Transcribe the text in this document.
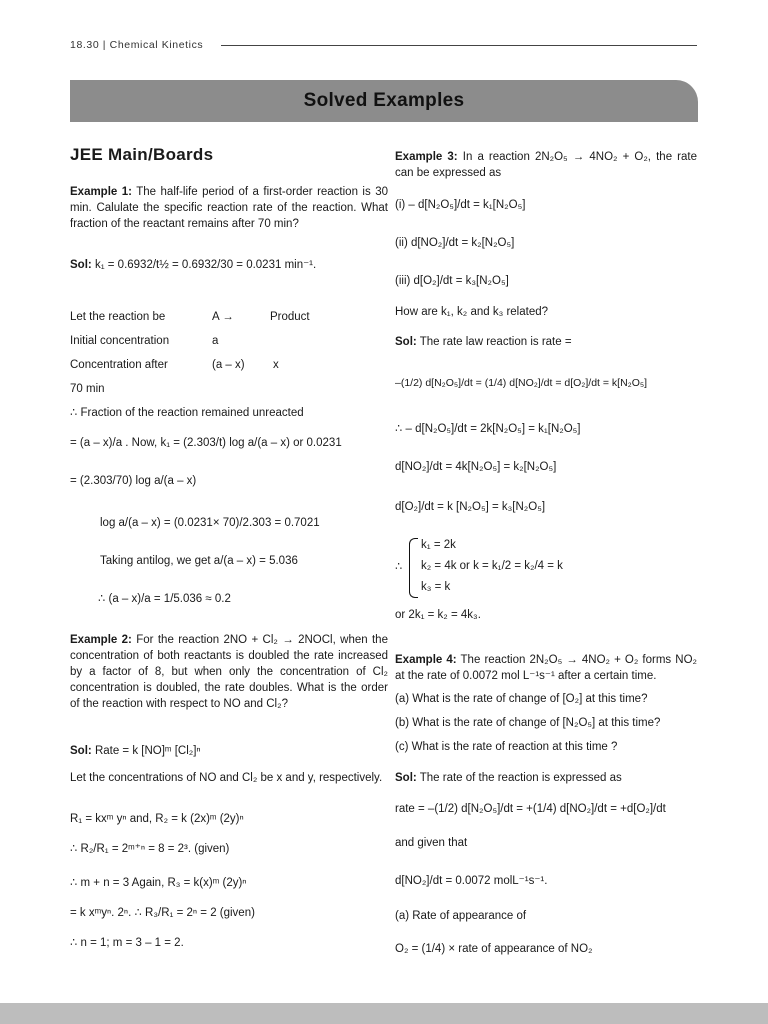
18.30 | Chemical Kinetics
Solved Examples
JEE Main/Boards
Example 1: The half-life period of a first-order reaction is 30 min. Calulate the specific reaction rate of the reaction. What fraction of the reactant remains after 70 min?
Sol: k₁ = 0.6932/t½ = 0.6932/30 = 0.0231 min⁻¹.
Let the reaction be	A →	Product
Initial concentration	a
Concentration after	(a – x) x
70 min
∴ Fraction of the reaction remained unreacted
= (a – x)/a . Now, k₁ = (2.303/t) log a/(a – x) or 0.0231
= (2.303/70) log a/(a – x)
log a/(a – x) = (0.0231× 70)/2.303 = 0.7021
Taking antilog, we get a/(a – x) = 5.036
∴ (a – x)/a = 1/5.036 ≈ 0.2
Example 2: For the reaction 2NO + Cl₂ → 2NOCl, when the concentration of both reactants is doubled the rate increased by a factor of 8, but when only the concentration of Cl₂ concentration is doubled, the rate doubles. What is the order of the reaction with respect to NO and Cl₂?
Sol: Rate = k [NO]ᵐ [Cl₂]ⁿ
Let the concentrations of NO and Cl₂ be x and y, respectively.
R₁ = kxᵐ yⁿ and, R₂ = k (2x)ᵐ (2y)ⁿ
∴ R₂/R₁ = 2ᵐ⁺ⁿ = 8 = 2³. (given)
∴ m + n = 3 Again, R₃ = k(x)ᵐ (2y)ⁿ
= k xᵐyⁿ. 2ⁿ. ∴ R₃/R₁ = 2ⁿ = 2 (given)
∴ n = 1; m = 3 – 1 = 2.
Example 3: In a reaction 2N₂O₅ → 4NO₂ + O₂, the rate can be expressed as
(i) – d[N₂O₅]/dt = k₁[N₂O₅]
(ii) d[NO₂]/dt = k₂[N₂O₅]
(iii) d[O₂]/dt = k₃[N₂O₅]
How are k₁, k₂ and k₃ related?
Sol: The rate law reaction is rate =
–(1/2) d[N₂O₅]/dt = (1/4) d[NO₂]/dt = d[O₂]/dt = k[N₂O₅]
∴ – d[N₂O₅]/dt = 2k[N₂O₅] = k₁[N₂O₅]
d[NO₂]/dt = 4k[N₂O₅] = k₂[N₂O₅]
d[O₂]/dt = k [N₂O₅] = k₃[N₂O₅]
∴
k₁ = 2k
k₂ = 4k or k = k₁/2 = k₂/4 = k
k₃ = k
or 2k₁ = k₂ = 4k₃.
Example 4: The reaction 2N₂O₅ → 4NO₂ + O₂ forms NO₂ at the rate of 0.0072 mol L⁻¹s⁻¹ after a certain time.
(a) What is the rate of change of [O₂] at this time?
(b) What is the rate of change of [N₂O₅] at this time?
(c) What is the rate of reaction at this time ?
Sol: The rate of the reaction is expressed as
rate = –(1/2) d[N₂O₅]/dt = +(1/4) d[NO₂]/dt = +d[O₂]/dt
and given that
d[NO₂]/dt = 0.0072 molL⁻¹s⁻¹.
(a) Rate of appearance of
O₂ = (1/4) × rate of appearance of NO₂
